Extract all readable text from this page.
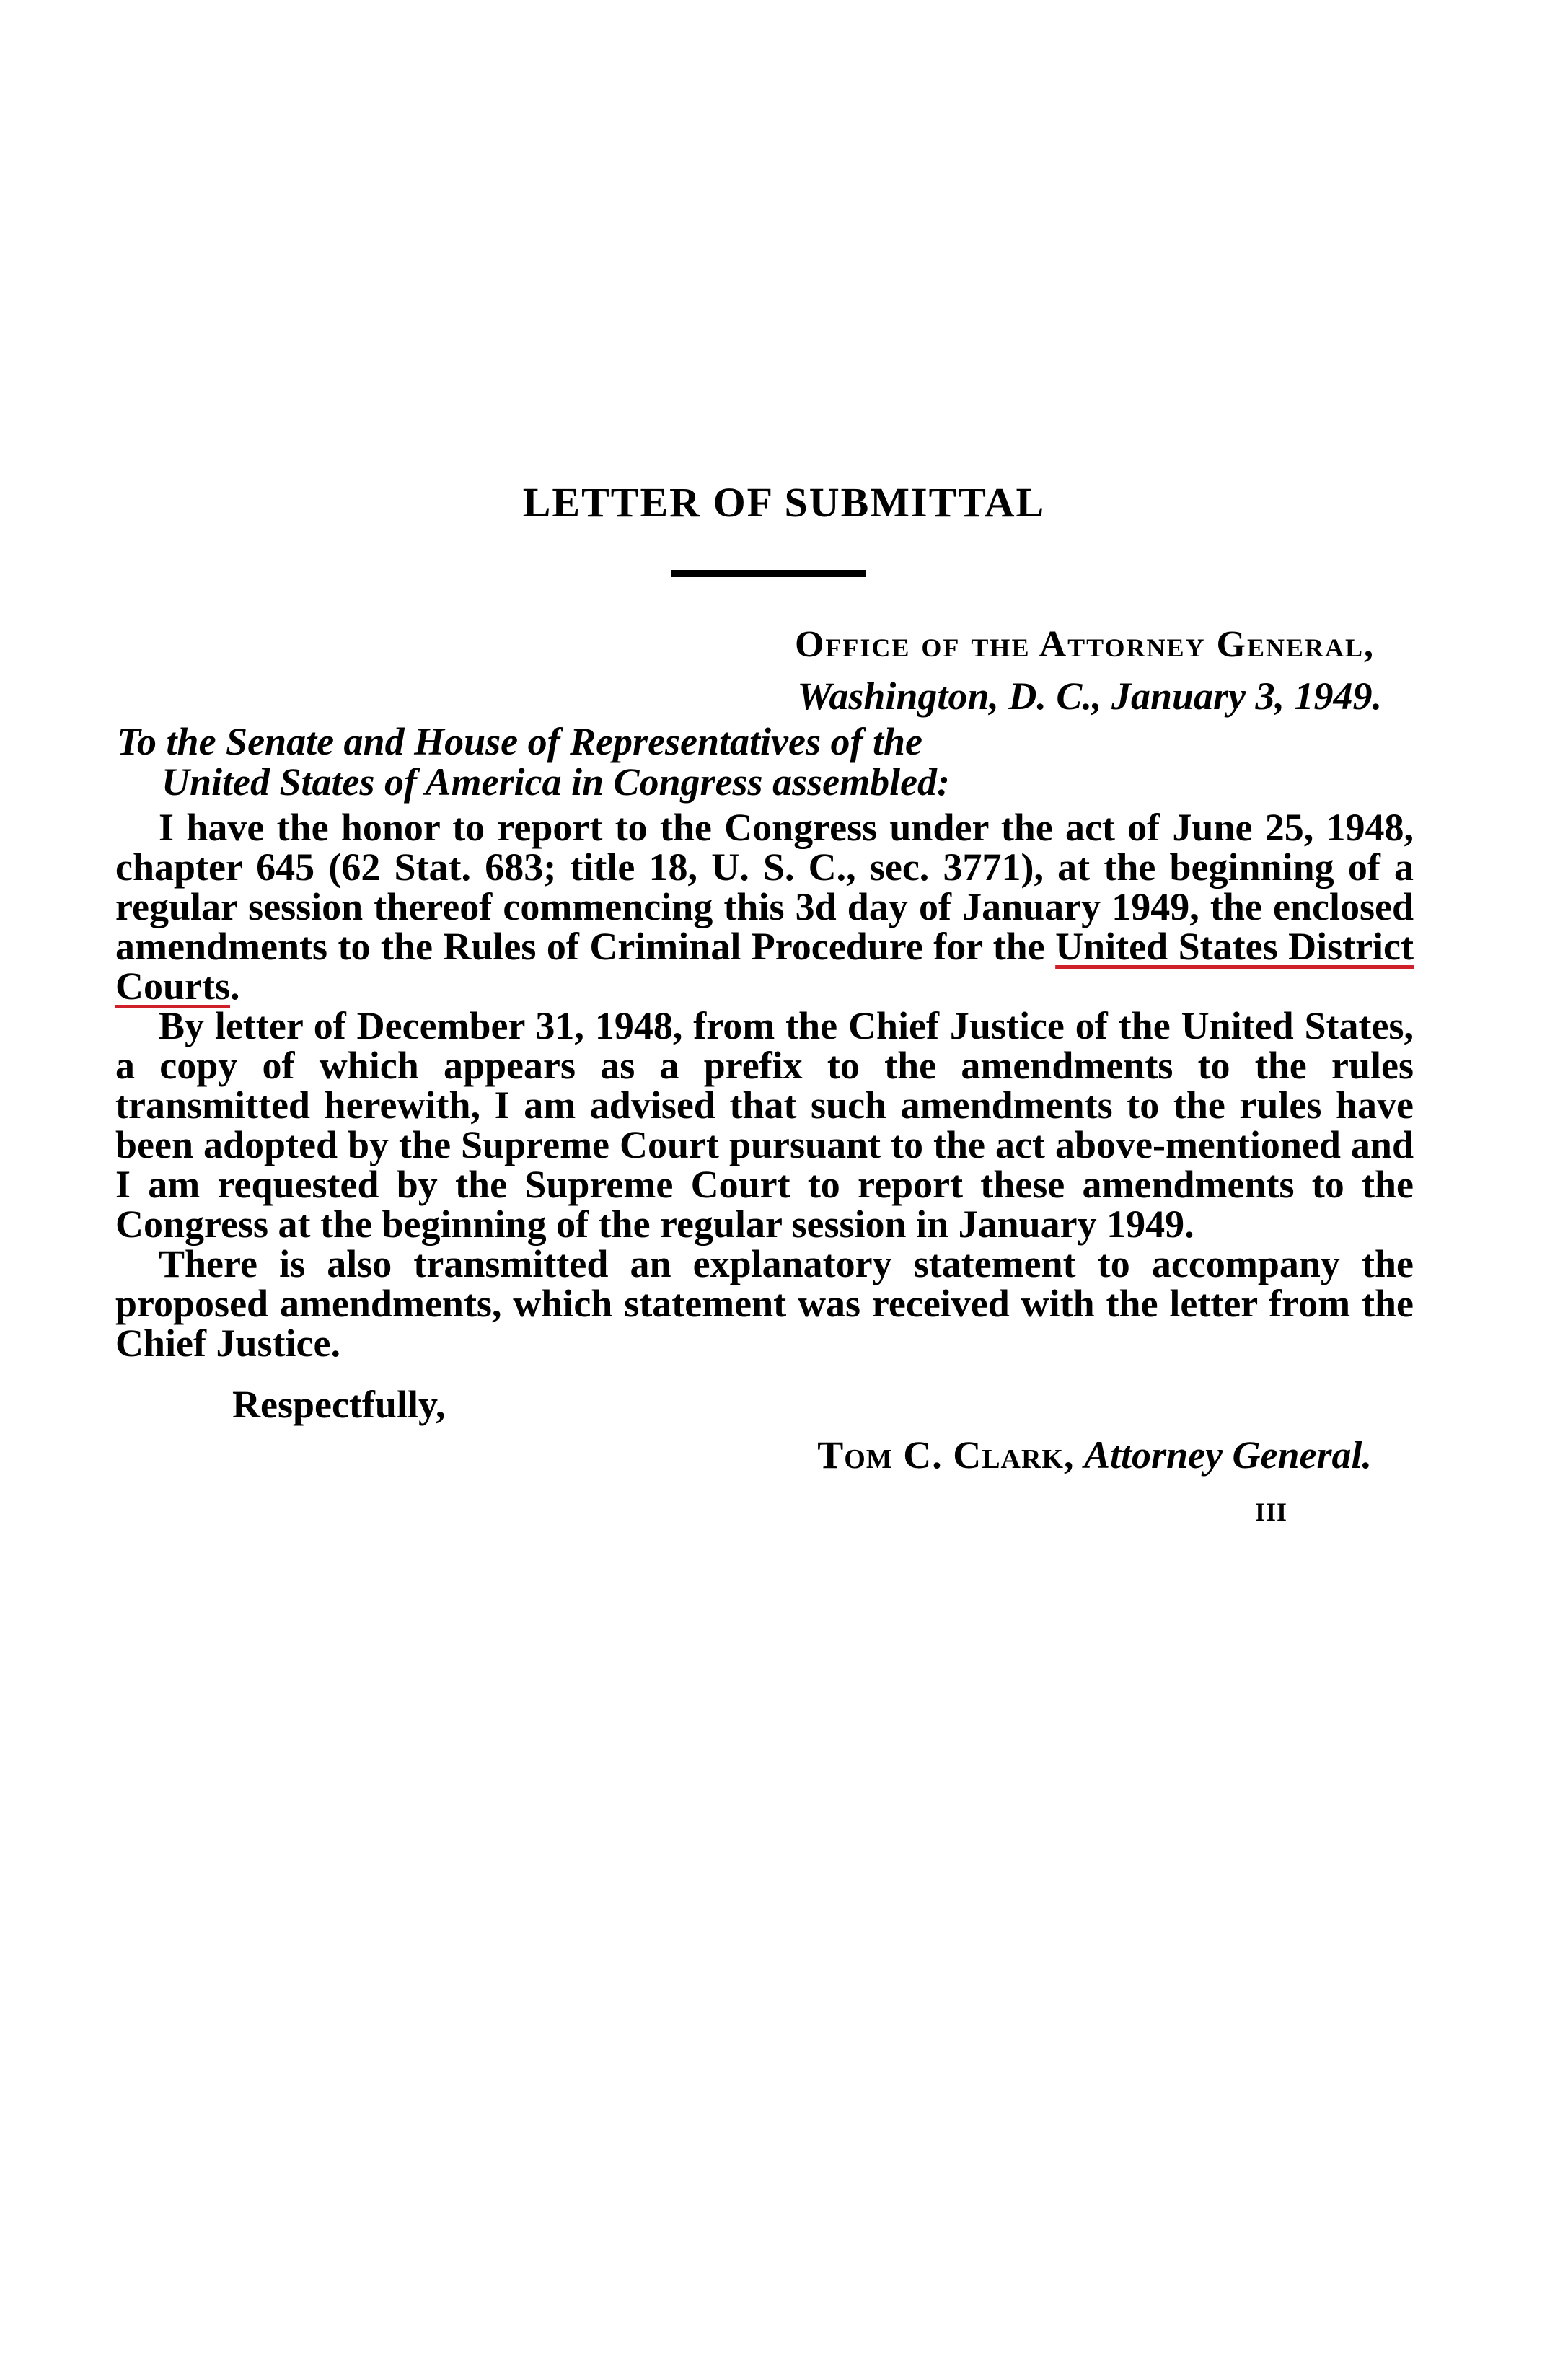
LETTER OF SUBMITTAL
Office of the Attorney General,
Washington, D. C., January 3, 1949.
To the Senate and House of Representatives of the
United States of America in Congress assembled:

I have the honor to report to the Congress under the act of June 25, 1948, chapter 645 (62 Stat. 683; title 18, U. S. C., sec. 3771), at the beginning of a regular session thereof commencing this 3d day of January 1949, the enclosed amendments to the Rules of Criminal Procedure for the United States District Courts.

By letter of December 31, 1948, from the Chief Justice of the United States, a copy of which appears as a prefix to the amendments to the rules transmitted herewith, I am advised that such amendments to the rules have been adopted by the Supreme Court pursuant to the act above-mentioned and I am requested by the Supreme Court to report these amendments to the Congress at the beginning of the regular session in January 1949.

There is also transmitted an explanatory statement to accompany the proposed amendments, which statement was received with the letter from the Chief Justice.

Respectfully,
Tom C. Clark, Attorney General.
III
